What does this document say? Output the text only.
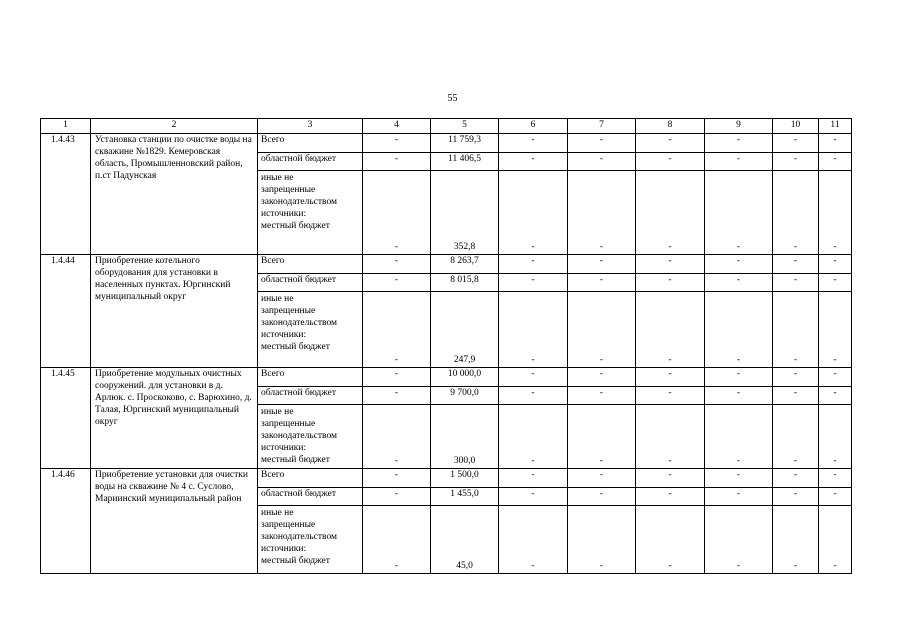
55
1	2	3	4	5	6	7	8	9	10	11
1.4.43	Установка станции по очистке воды на скважине №1829. Кемеровская область, Промышленновский район, п.ст Падунская	Всего	-	11 759,3	-	-	-	-	-	-
		областной бюджет	-	11 406,5	-	-	-	-	-	-
		иные не
запрещенные
законодательством
источники:
местный бюджет	-	352,8	-	-	-	-	-	-
1.4.44	Приобретение котельного оборудования для установки в населенных пунктах. Юргинский муниципальный округ	Всего	-	8 263,7	-	-	-	-	-	-
		областной бюджет	-	8 015,8	-	-	-	-	-	-
		иные не
запрещенные
законодательством
источники:
местный бюджет	-	247,9	-	-	-	-	-	-
1.4.45	Приобретение модульных очистных сооружений. для установки в д. Арлюк. с. Проскоково, с. Варюхино, д. Талая, Юргинский муниципальный округ	Всего	-	10 000,0	-	-	-	-	-	-
		областной бюджет	-	9 700,0	-	-	-	-	-	-
		иные не
запрещенные
законодательством
источники:
местный бюджет	-	300,0	-	-	-	-	-	-
1.4.46	Приобретение установки для очистки воды на скважине № 4 с. Суслово, Мариинский муниципальный район	Всего	-	1 500,0	-	-	-	-	-	-
		областной бюджет	-	1 455,0	-	-	-	-	-	-
		иные не
запрещенные
законодательством
источники:
местный бюджет	-	45,0	-	-	-	-	-	-
